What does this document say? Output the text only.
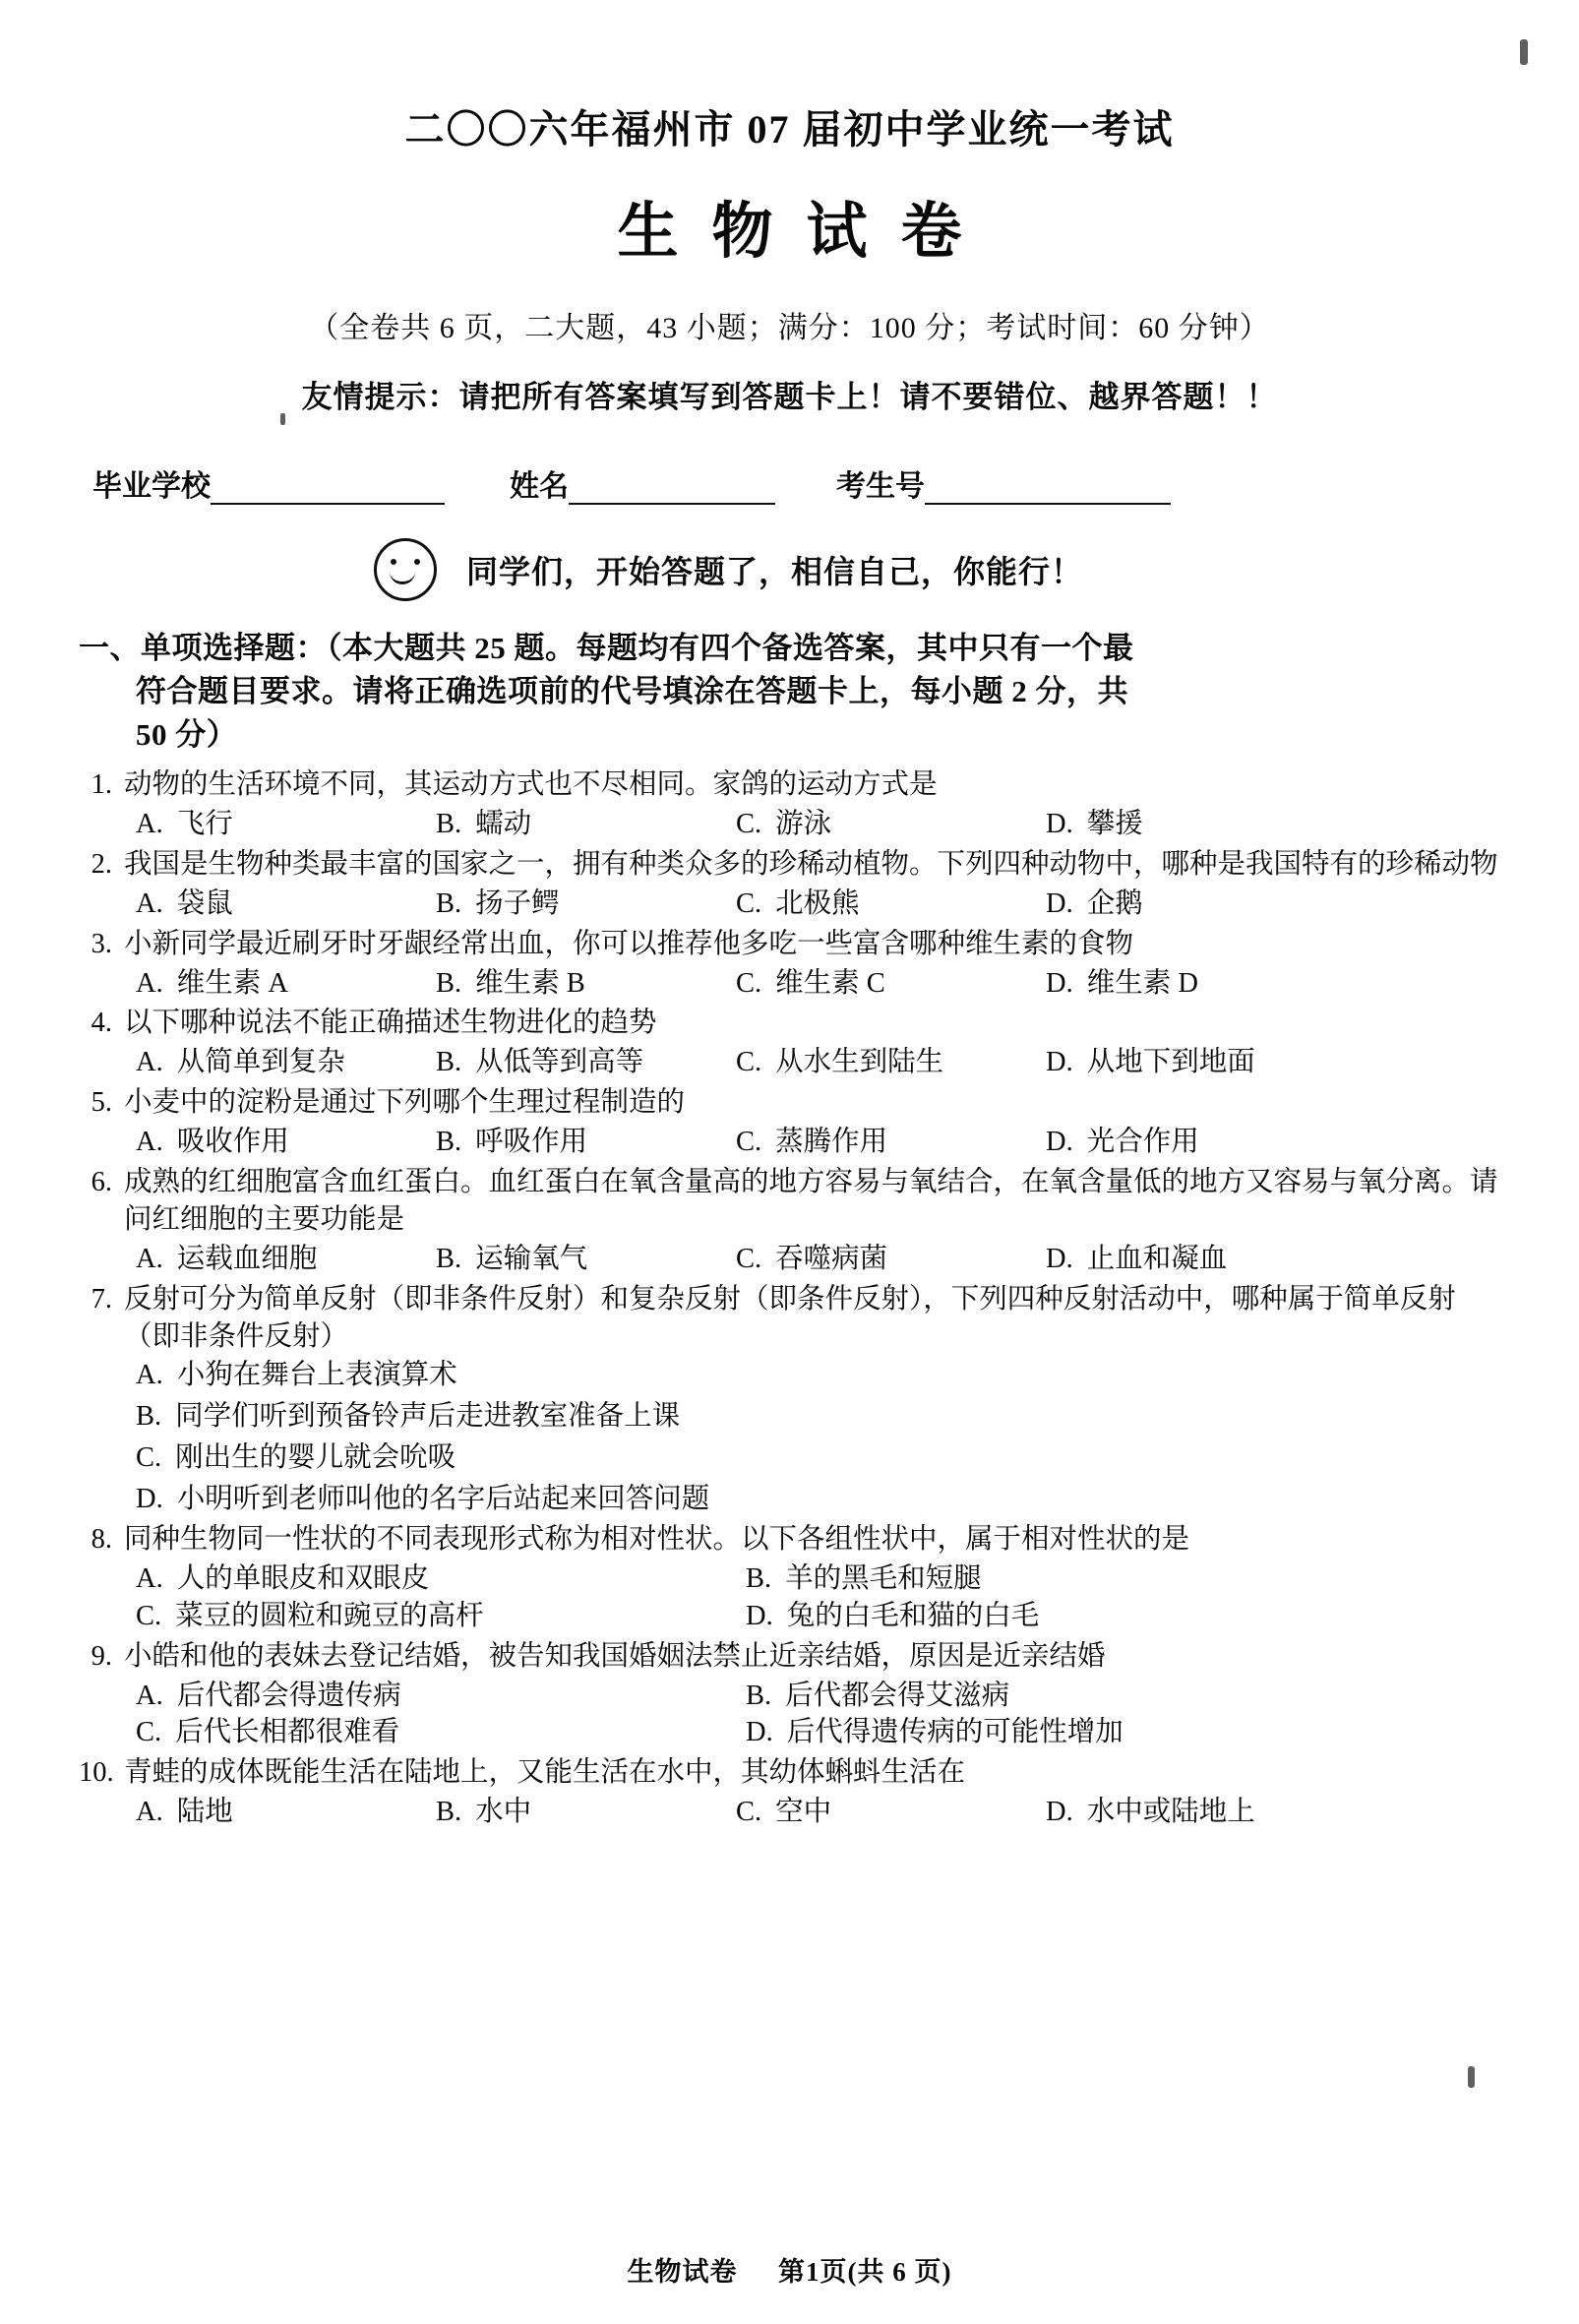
二〇〇六年福州市 07 届初中学业统一考试
生物试卷
（全卷共 6 页，二大题，43 小题；满分：100 分；考试时间：60 分钟）
友情提示：请把所有答案填写到答题卡上！请不要错位、越界答题！！
毕业学校	姓名	考生号
同学们，开始答题了，相信自己，你能行！
一、单项选择题：（本大题共 25 题。每题均有四个备选答案，其中只有一个最
符合题目要求。请将正确选项前的代号填涂在答题卡上，每小题 2 分，共
50 分）
1. 动物的生活环境不同，其运动方式也不尽相同。家鸽的运动方式是
A. 飞行	B. 蠕动	C. 游泳	D. 攀援
2. 我国是生物种类最丰富的国家之一，拥有种类众多的珍稀动植物。下列四种动物中，哪种是我国特有的珍稀动物
A. 袋鼠	B. 扬子鳄	C. 北极熊	D. 企鹅
3. 小新同学最近刷牙时牙龈经常出血，你可以推荐他多吃一些富含哪种维生素的食物
A. 维生素 A	B. 维生素 B	C. 维生素 C	D. 维生素 D
4. 以下哪种说法不能正确描述生物进化的趋势
A. 从简单到复杂	B. 从低等到高等	C. 从水生到陆生	D. 从地下到地面
5. 小麦中的淀粉是通过下列哪个生理过程制造的
A. 吸收作用	B. 呼吸作用	C. 蒸腾作用	D. 光合作用
6. 成熟的红细胞富含血红蛋白。血红蛋白在氧含量高的地方容易与氧结合，在氧含量低的地方又容易与氧分离。请问红细胞的主要功能是
A. 运载血细胞	B. 运输氧气	C. 吞噬病菌	D. 止血和凝血
7. 反射可分为简单反射（即非条件反射）和复杂反射（即条件反射），下列四种反射活动中，哪种属于简单反射（即非条件反射）
A. 小狗在舞台上表演算术
B. 同学们听到预备铃声后走进教室准备上课
C. 刚出生的婴儿就会吮吸
D. 小明听到老师叫他的名字后站起来回答问题
8. 同种生物同一性状的不同表现形式称为相对性状。以下各组性状中，属于相对性状的是
A. 人的单眼皮和双眼皮	B. 羊的黑毛和短腿
C. 菜豆的圆粒和豌豆的高杆	D. 兔的白毛和猫的白毛
9. 小皓和他的表妹去登记结婚，被告知我国婚姻法禁止近亲结婚，原因是近亲结婚
A. 后代都会得遗传病	B. 后代都会得艾滋病
C. 后代长相都很难看	D. 后代得遗传病的可能性增加
10. 青蛙的成体既能生活在陆地上，又能生活在水中，其幼体蝌蚪生活在
A. 陆地	B. 水中	C. 空中	D. 水中或陆地上
生物试卷 第1页(共 6 页)
